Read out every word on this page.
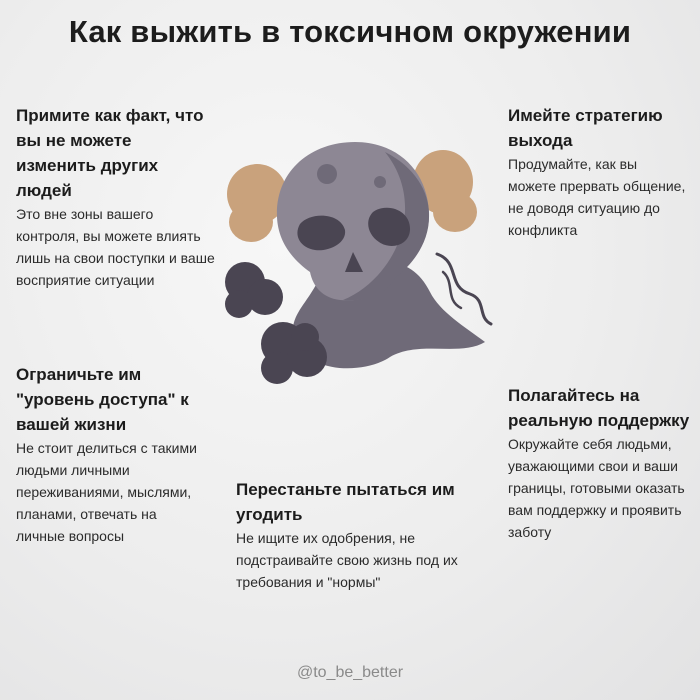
Как выжить в токсичном окружении
Примите как факт, что вы не можете изменить других людей

Это вне зоны вашего контроля, вы можете влиять лишь на свои поступки и ваше восприятие ситуации

Имейте стратегию выхода

Продумайте, как вы можете прервать общение, не доводя ситуацию до конфликта

Ограничьте им "уровень доступа" к вашей жизни

Не стоит делиться с такими людьми личными переживаниями, мыслями, планами, отвечать на личные вопросы

Полагайтесь на реальную поддержку

Окружайте себя людьми, уважающими свои и ваши границы, готовыми оказать вам поддержку и проявить заботу

Перестаньте пытаться им угодить

Не ищите их одобрения, не подстраивайте свою жизнь под их требования и "нормы"

@to_be_better
